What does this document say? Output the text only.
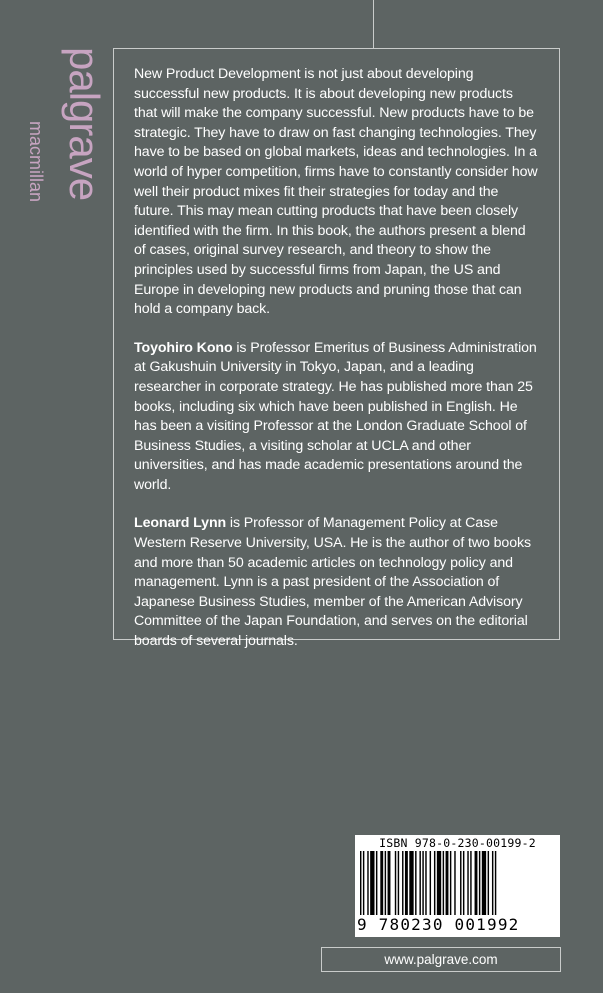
palgrave
macmillan

New Product Development is not just about developing successful new products. It is about developing new products that will make the company successful. New products have to be strategic. They have to draw on fast changing technologies. They have to be based on global markets, ideas and technologies. In a world of hyper competition, firms have to constantly consider how well their product mixes fit their strategies for today and the future. This may mean cutting products that have been closely identified with the firm. In this book, the authors present a blend of cases, original survey research, and theory to show the principles used by successful firms from Japan, the US and Europe in developing new products and pruning those that can hold a company back.

Toyohiro Kono is Professor Emeritus of Business Administration at Gakushuin University in Tokyo, Japan, and a leading researcher in corporate strategy. He has published more than 25 books, including six which have been published in English. He has been a visiting Professor at the London Graduate School of Business Studies, a visiting scholar at UCLA and other universities, and has made academic presentations around the world.

Leonard Lynn is Professor of Management Policy at Case Western Reserve University, USA. He is the author of two books and more than 50 academic articles on technology policy and management. Lynn is a past president of the Association of Japanese Business Studies, member of the American Advisory Committee of the Japan Foundation, and serves on the editorial boards of several journals.

ISBN 978-0-230-00199-2
9 780230 001992
www.palgrave.com
